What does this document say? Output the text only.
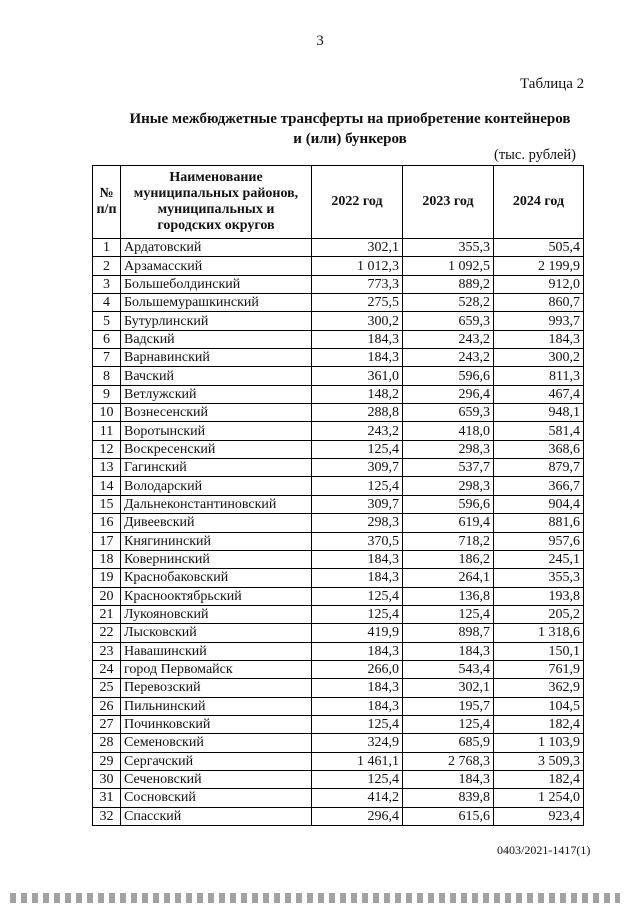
3
Таблица 2
Иные межбюджетные трансферты на приобретение контейнеров
и (или) бункеров
(тыс. рублей)
№ п/п	Наименование муниципальных районов, муниципальных и городских округов	2022 год	2023 год	2024 год
1	Ардатовский	302,1	355,3	505,4
2	Арзамасский	1 012,3	1 092,5	2 199,9
3	Большеболдинский	773,3	889,2	912,0
4	Большемурашкинский	275,5	528,2	860,7
5	Бутурлинский	300,2	659,3	993,7
6	Вадский	184,3	243,2	184,3
7	Варнавинский	184,3	243,2	300,2
8	Вачский	361,0	596,6	811,3
9	Ветлужский	148,2	296,4	467,4
10	Вознесенский	288,8	659,3	948,1
11	Воротынский	243,2	418,0	581,4
12	Воскресенский	125,4	298,3	368,6
13	Гагинский	309,7	537,7	879,7
14	Володарский	125,4	298,3	366,7
15	Дальнеконстантиновский	309,7	596,6	904,4
16	Дивеевский	298,3	619,4	881,6
17	Княгининский	370,5	718,2	957,6
18	Ковернинский	184,3	186,2	245,1
19	Краснобаковский	184,3	264,1	355,3
20	Краснооктябрьский	125,4	136,8	193,8
21	Лукояновский	125,4	125,4	205,2
22	Лысковский	419,9	898,7	1 318,6
23	Навашинский	184,3	184,3	150,1
24	город Первомайск	266,0	543,4	761,9
25	Перевозский	184,3	302,1	362,9
26	Пильнинский	184,3	195,7	104,5
27	Починковский	125,4	125,4	182,4
28	Семеновский	324,9	685,9	1 103,9
29	Сергачский	1 461,1	2 768,3	3 509,3
30	Сеченовский	125,4	184,3	182,4
31	Сосновский	414,2	839,8	1 254,0
32	Спасский	296,4	615,6	923,4
0403/2021-1417(1)
